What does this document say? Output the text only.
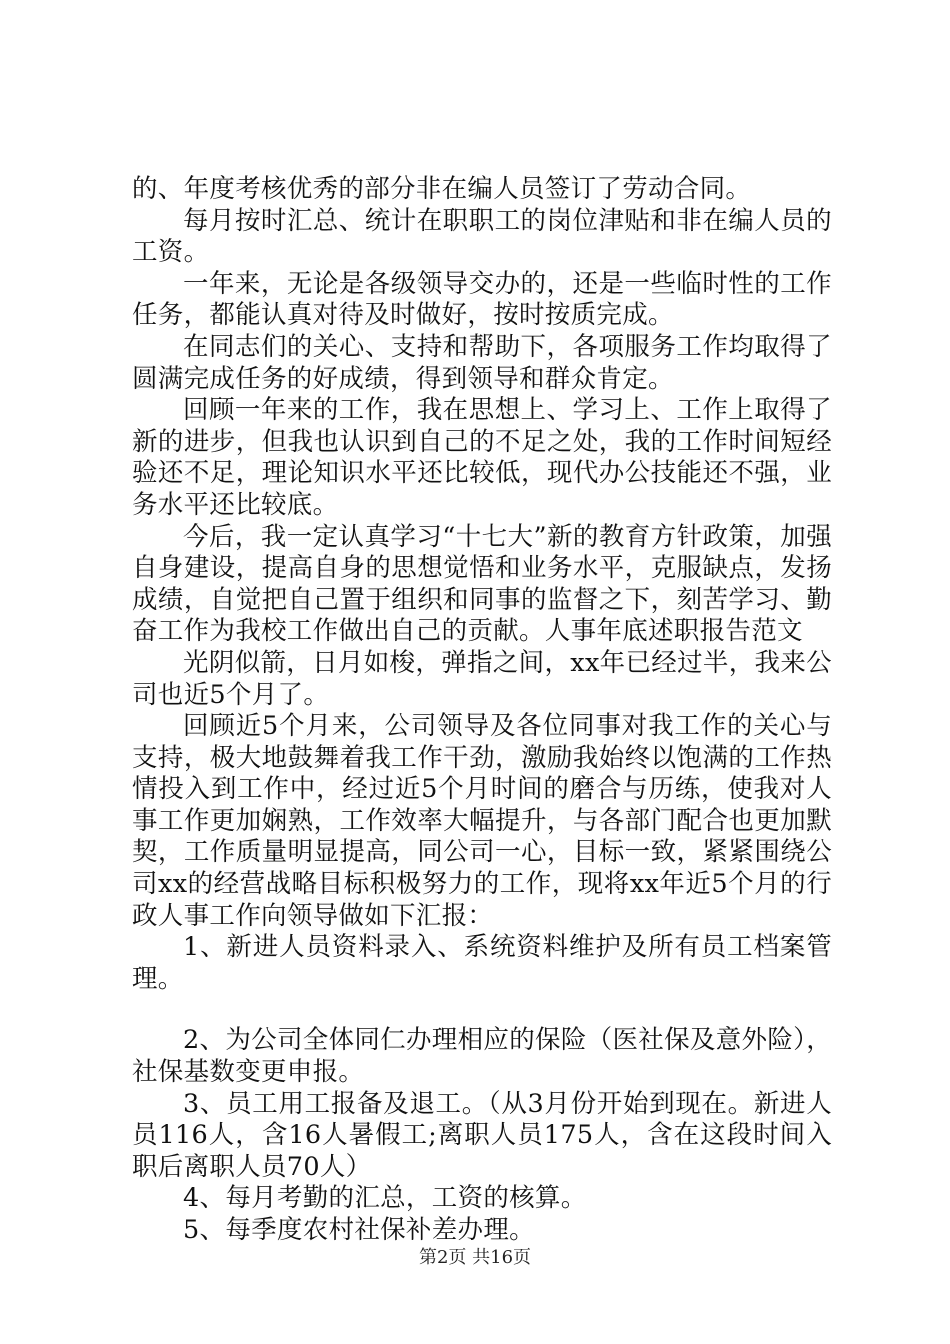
的、年度考核优秀的部分非在编人员签订了劳动合同。

每月按时汇总、统计在职职工的岗位津贴和非在编人员的工资。

一年来，无论是各级领导交办的，还是一些临时性的工作任务，都能认真对待及时做好，按时按质完成。

在同志们的关心、支持和帮助下，各项服务工作均取得了圆满完成任务的好成绩，得到领导和群众肯定。

回顾一年来的工作，我在思想上、学习上、工作上取得了新的进步，但我也认识到自己的不足之处，我的工作时间短经验还不足，理论知识水平还比较低，现代办公技能还不强，业务水平还比较底。

今后，我一定认真学习“十七大”新的教育方针政策，加强自身建设，提高自身的思想觉悟和业务水平，克服缺点，发扬成绩，自觉把自己置于组织和同事的监督之下，刻苦学习、勤奋工作为我校工作做出自己的贡献。人事年底述职报告范文

光阴似箭，日月如梭，弹指之间，xx年已经过半，我来公司也近5个月了。

回顾近5个月来，公司领导及各位同事对我工作的关心与支持，极大地鼓舞着我工作干劲，激励我始终以饱满的工作热情投入到工作中，经过近5个月时间的磨合与历练，使我对人事工作更加娴熟，工作效率大幅提升，与各部门配合也更加默契，工作质量明显提高，同公司一心，目标一致，紧紧围绕公司xx的经营战略目标积极努力的工作，现将xx年近5个月的行政人事工作向领导做如下汇报：

1、新进人员资料录入、系统资料维护及所有员工档案管理。

2、为公司全体同仁办理相应的保险（医社保及意外险），社保基数变更申报。

3、员工用工报备及退工。（从3月份开始到现在。新进人员116人，含16人暑假工;离职人员175人，含在这段时间入职后离职人员70人）

4、每月考勤的汇总，工资的核算。

5、每季度农村社保补差办理。

第2页 共16页
